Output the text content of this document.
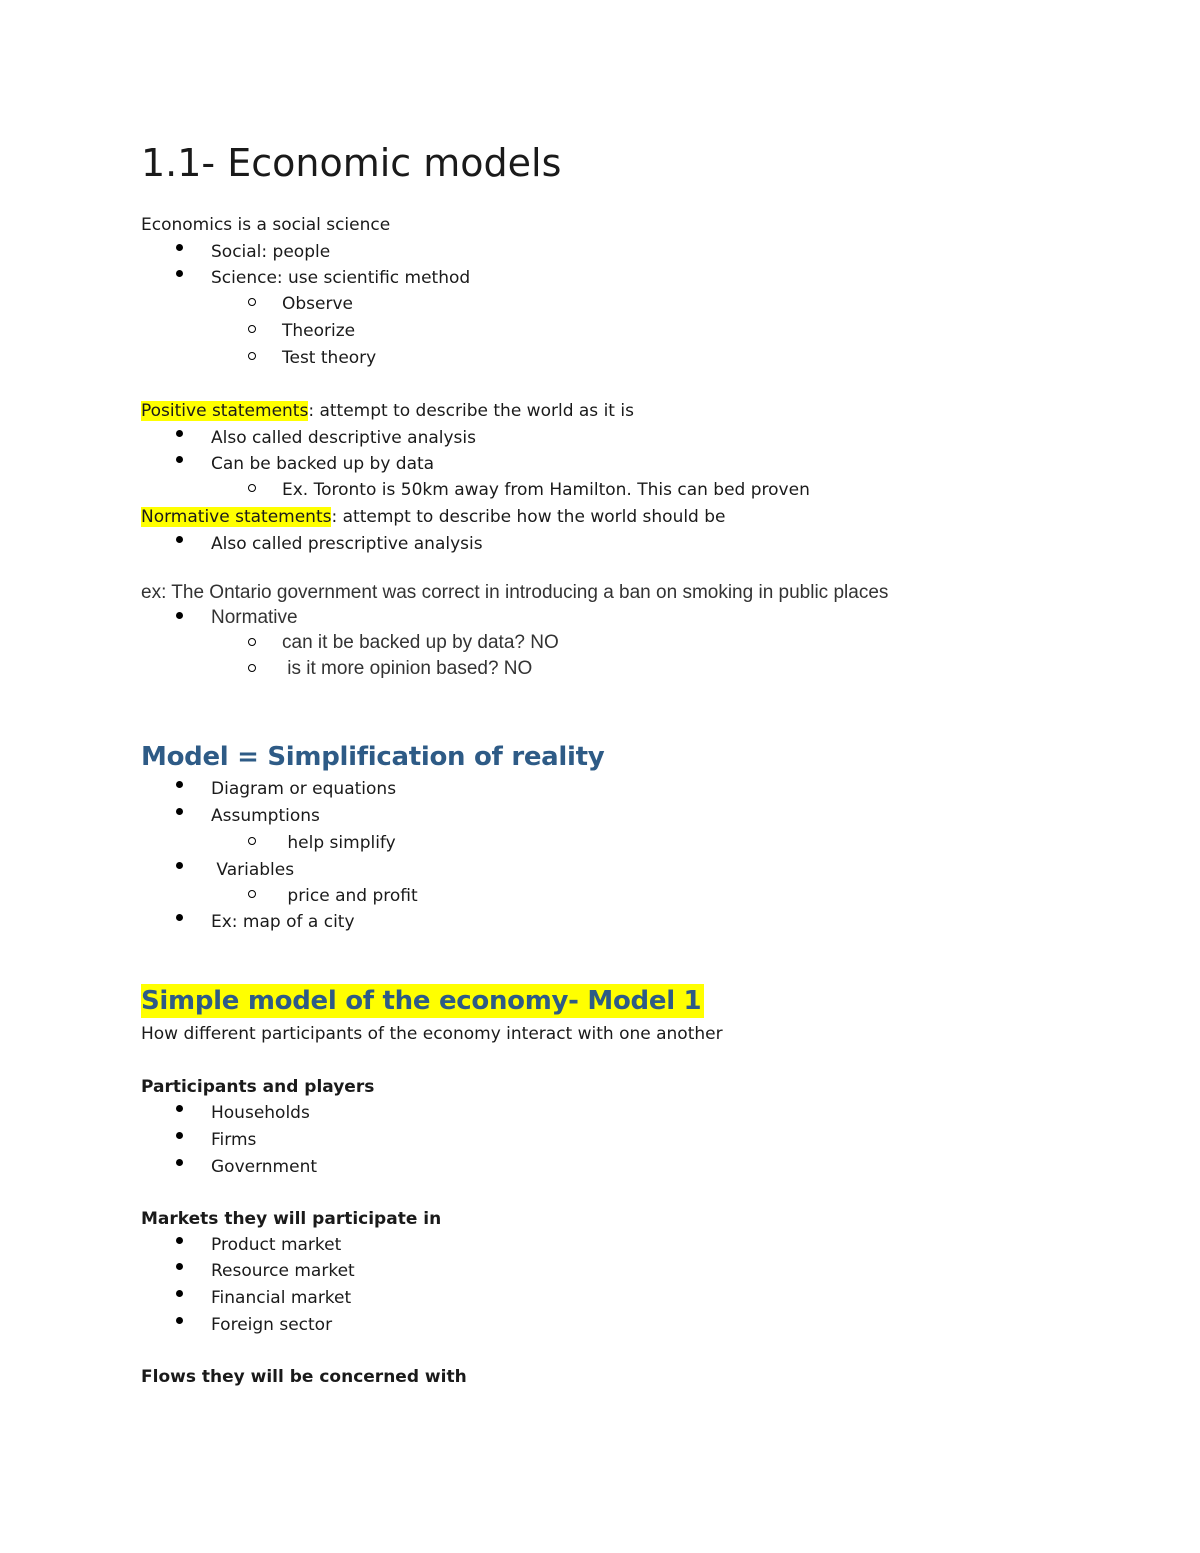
1.1- Economic models
Economics is a social science
Social: people
Science: use scientific method
Observe
Theorize
Test theory
Positive statements: attempt to describe the world as it is
Also called descriptive analysis
Can be backed up by data
Ex. Toronto is 50km away from Hamilton. This can bed proven
Normative statements: attempt to describe how the world should be
Also called prescriptive analysis
ex: The Ontario government was correct in introducing a ban on smoking in public places
Normative
can it be backed up by data? NO
is it more opinion based? NO
Model = Simplification of reality
Diagram or equations
Assumptions
help simplify
Variables
price and profit
Ex: map of a city
Simple model of the economy- Model 1
How different participants of the economy interact with one another
Participants and players
Households
Firms
Government
Markets they will participate in
Product market
Resource market
Financial market
Foreign sector
Flows they will be concerned with
